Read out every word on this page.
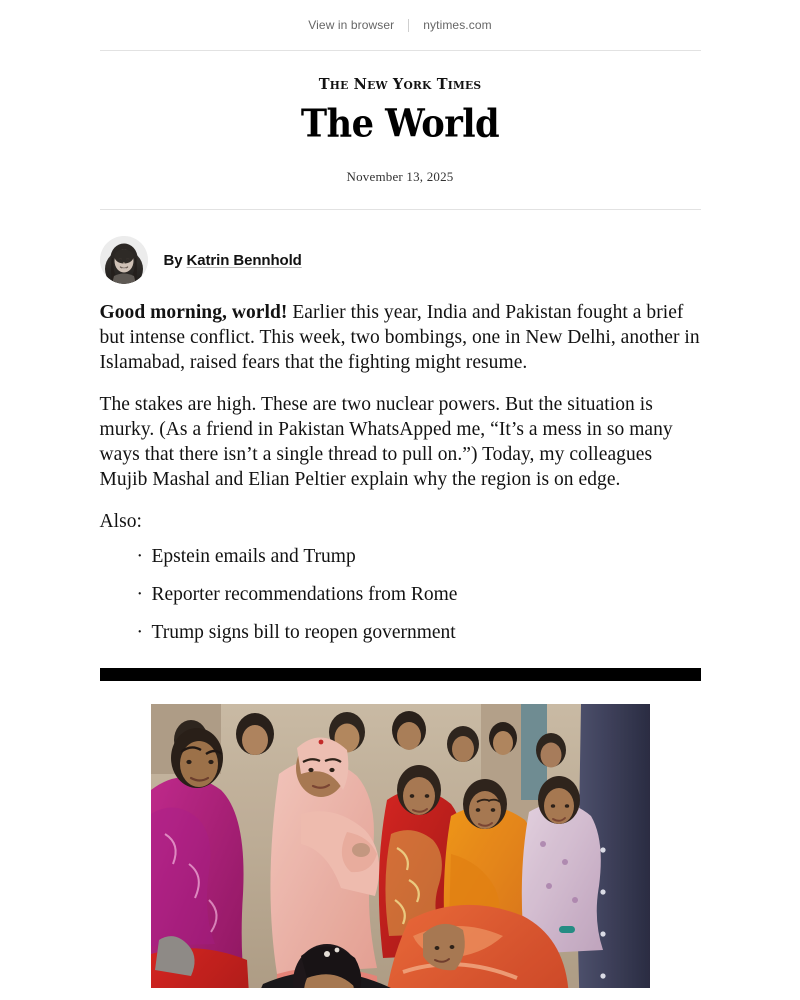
View in browser nytimes.com
The New York Times
The World
November 13, 2025
By Katrin Bennhold

Good morning, world! Earlier this year, India and Pakistan fought a brief but intense conflict. This week, two bombings, one in New Delhi, another in Islamabad, raised fears that the fighting might resume.

The stakes are high. These are two nuclear powers. But the situation is murky. (As a friend in Pakistan WhatsApped me, “It’s a mess in so many ways that there isn’t a single thread to pull on.”) Today, my colleagues Mujib Mashal and Elian Peltier explain why the region is on edge.

Also:

· Epstein emails and Trump
· Reporter recommendations from Rome
· Trump signs bill to reopen government
